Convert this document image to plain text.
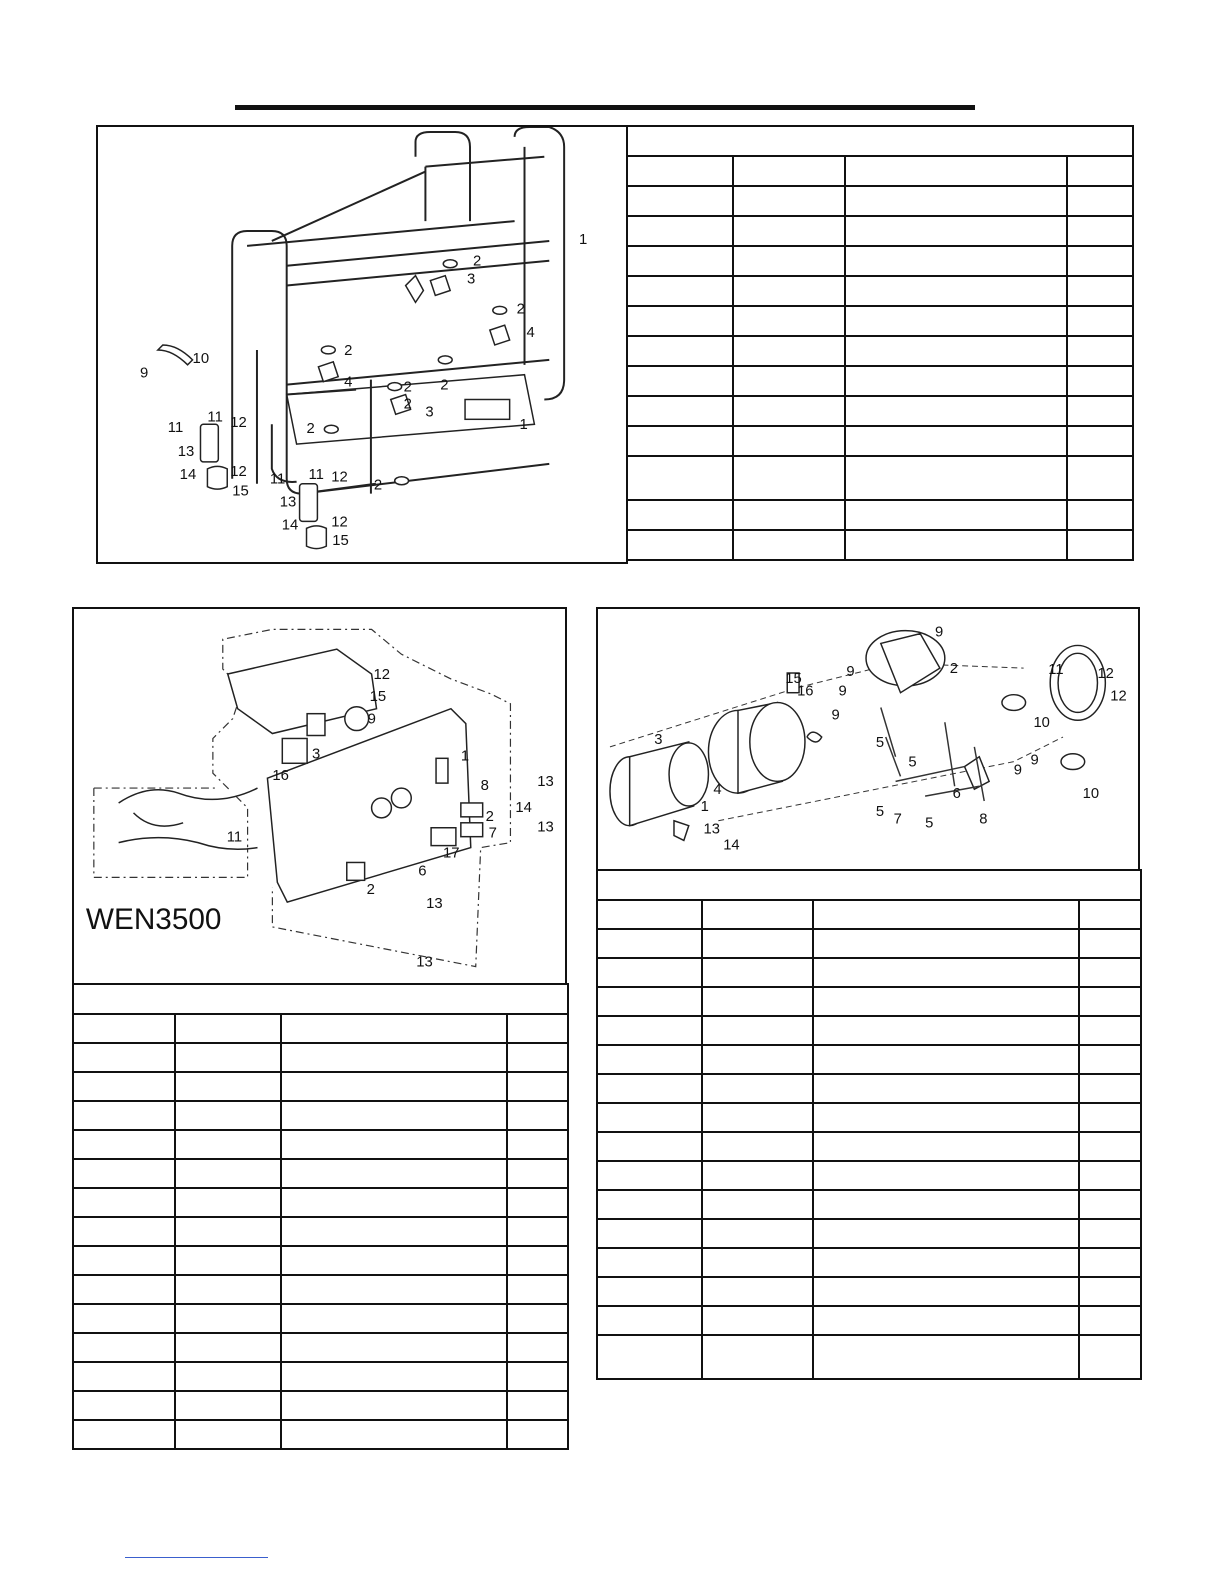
1
2
3
2
4
2
4	2
2
2
3
1
2
2
9
10
11
11 12
13
12
14
15
11 11 12
13
12
14
15

12
15
9
3
16
1
8	13
14
2
7	13
17
6
11
2
13
13
WEN3500

9
2
15	9
9
16
9
11 12
12
10
10
3
4
1
5
5
5 7 5
6
8
9
9
13
14
